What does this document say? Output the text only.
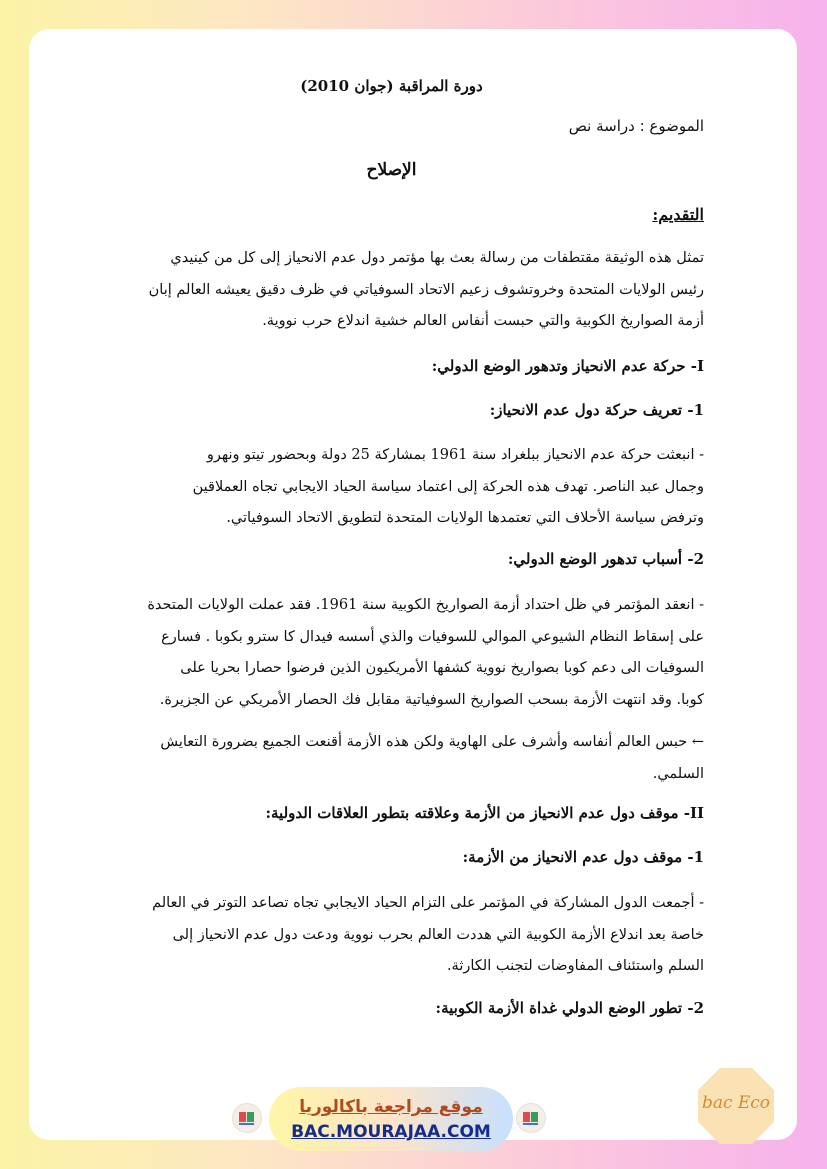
دورة المراقبة (جوان 2010)
الموضوع : دراسة نص
الإصلاح
التقديم:
تمثل هذه الوثيقة مقتطفات من رسالة بعث بها مؤتمر دول عدم الانحياز إلى كل من كينيدي
رئيس الولايات المتحدة وخروتشوف زعيم الاتحاد السوفياتي في ظرف دقيق يعيشه العالم إبان
أزمة الصواريخ الكوبية والتي حبست أنفاس العالم خشية اندلاع حرب نووية.
I- حركة عدم الانحياز وتدهور الوضع الدولي:
1- تعريف حركة دول عدم الانحياز:
- انبعثت حركة عدم الانحياز ببلغراد سنة 1961 بمشاركة 25 دولة وبحضور تيتو ونهرو
وجمال عبد الناصر. تهدف هذه الحركة إلى اعتماد سياسة الحياد الايجابي تجاه العملاقين
وترفض سياسة الأحلاف التي تعتمدها الولايات المتحدة لتطويق الاتحاد السوفياتي.
2- أسباب تدهور الوضع الدولي:
- انعقد المؤتمر في ظل احتداد أزمة الصواريخ الكوبية سنة 1961. فقد عملت الولايات المتحدة
على إسقاط النظام الشيوعي الموالي للسوفيات والذي أسسه فيدال كا سترو بكوبا . فسارع
السوفيات الى دعم كوبا بصواريخ نووية كشفها الأمريكيون الذين فرضوا حصارا بحريا على
كوبا. وقد انتهت الأزمة بسحب الصواريخ السوفياتية مقابل فك الحصار الأمريكي عن الجزيرة.
← حبس العالم أنفاسه وأشرف على الهاوية ولكن هذه الأزمة أقنعت الجميع بضرورة التعايش
السلمي.
II- موقف دول عدم الانحياز من الأزمة وعلاقته بتطور العلاقات الدولية:
1- موقف دول عدم الانحياز من الأزمة:
- أجمعت الدول المشاركة في المؤتمر على التزام الحياد الايجابي تجاه تصاعد التوتر في العالم
خاصة بعد اندلاع الأزمة الكوبية التي هددت العالم بحرب نووية ودعت دول عدم الانحياز إلى
السلم واستئناف المفاوضات لتجنب الكارثة.
2- تطور الوضع الدولي غداة الأزمة الكوبية:
موقع مراجعة باكالوريا
BAC.MOURAJAA.COM
bac Eco
